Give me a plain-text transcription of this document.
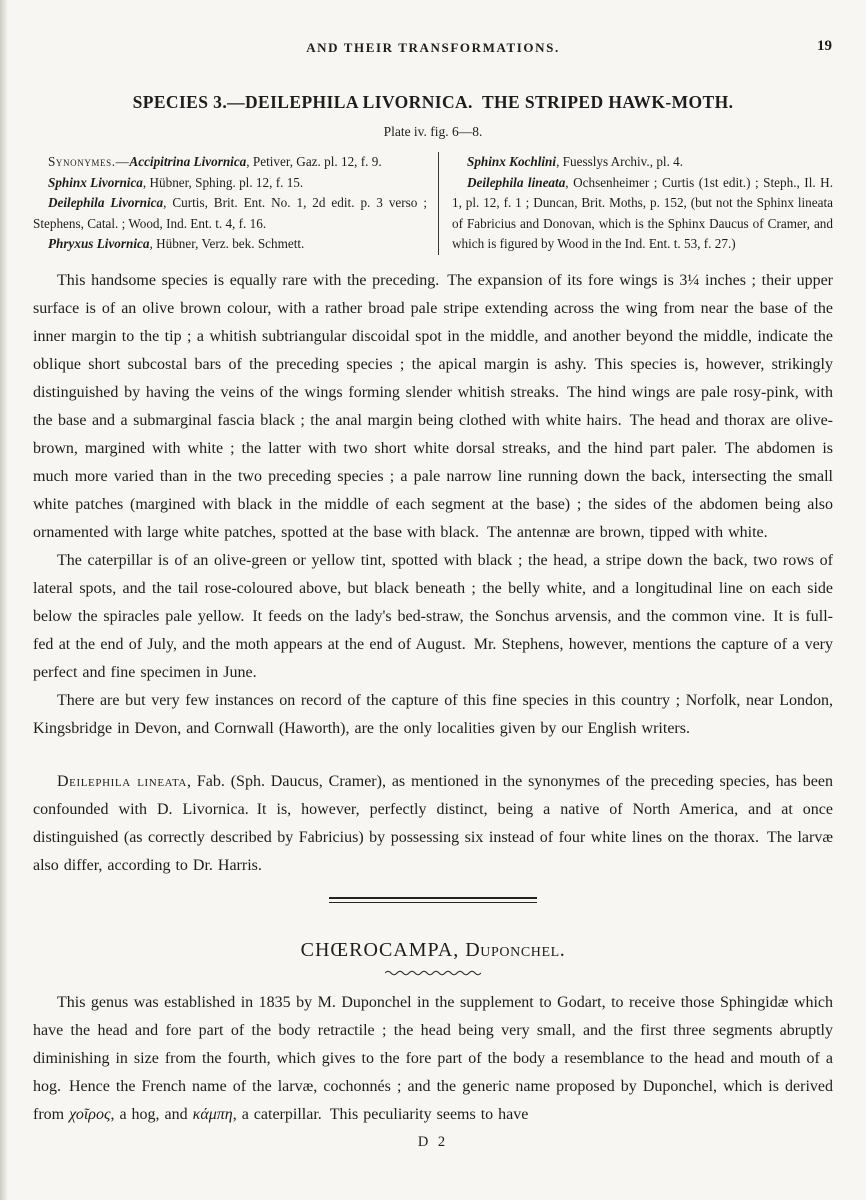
AND THEIR TRANSFORMATIONS.	19
SPECIES 3.—DEILEPHILA LIVORNICA. THE STRIPED HAWK-MOTH.
Plate iv. fig. 6—8.

Synonymes.—Accipitrina Livornica, Petiver, Gaz. pl. 12, f. 9.

Sphinx Livornica, Hübner, Sphing. pl. 12, f. 15.

Deilephila Livornica, Curtis, Brit. Ent. No. 1, 2d edit. p. 3 verso ; Stephens, Catal. ; Wood, Ind. Ent. t. 4, f. 16.

Phryxus Livornica, Hübner, Verz. bek. Schmett.

Sphinx Kochlini, Fuesslys Archiv., pl. 4.

Deilephila lineata, Ochsenheimer ; Curtis (1st edit.) ; Steph., Il. H. 1, pl. 12, f. 1 ; Duncan, Brit. Moths, p. 152, (but not the Sphinx lineata of Fabricius and Donovan, which is the Sphinx Daucus of Cramer, and which is figured by Wood in the Ind. Ent. t. 53, f. 27.)

This handsome species is equally rare with the preceding. The expansion of its fore wings is 3¼ inches ; their upper surface is of an olive brown colour, with a rather broad pale stripe extending across the wing from near the base of the inner margin to the tip ; a whitish subtriangular discoidal spot in the middle, and another beyond the middle, indicate the oblique short subcostal bars of the preceding species ; the apical margin is ashy. This species is, however, strikingly distinguished by having the veins of the wings forming slender whitish streaks. The hind wings are pale rosy-pink, with the base and a submarginal fascia black ; the anal margin being clothed with white hairs. The head and thorax are olive-brown, margined with white ; the latter with two short white dorsal streaks, and the hind part paler. The abdomen is much more varied than in the two preceding species ; a pale narrow line running down the back, intersecting the small white patches (margined with black in the middle of each segment at the base) ; the sides of the abdomen being also ornamented with large white patches, spotted at the base with black. The antennæ are brown, tipped with white.

The caterpillar is of an olive-green or yellow tint, spotted with black ; the head, a stripe down the back, two rows of lateral spots, and the tail rose-coloured above, but black beneath ; the belly white, and a longitudinal line on each side below the spiracles pale yellow. It feeds on the lady's bed-straw, the Sonchus arvensis, and the common vine. It is full-fed at the end of July, and the moth appears at the end of August. Mr. Stephens, however, mentions the capture of a very perfect and fine specimen in June.

There are but very few instances on record of the capture of this fine species in this country ; Norfolk, near London, Kingsbridge in Devon, and Cornwall (Haworth), are the only localities given by our English writers.

Deilephila lineata, Fab. (Sph. Daucus, Cramer), as mentioned in the synonymes of the preceding species, has been confounded with D. Livornica. It is, however, perfectly distinct, being a native of North America, and at once distinguished (as correctly described by Fabricius) by possessing six instead of four white lines on the thorax. The larvæ also differ, according to Dr. Harris.

CHŒROCAMPA, Duponchel.

This genus was established in 1835 by M. Duponchel in the supplement to Godart, to receive those Sphingidæ which have the head and fore part of the body retractile ; the head being very small, and the first three segments abruptly diminishing in size from the fourth, which gives to the fore part of the body a resemblance to the head and mouth of a hog. Hence the French name of the larvæ, cochonnés ; and the generic name proposed by Duponchel, which is derived from χοῖρος, a hog, and κάμπη, a caterpillar. This peculiarity seems to have

D 2
